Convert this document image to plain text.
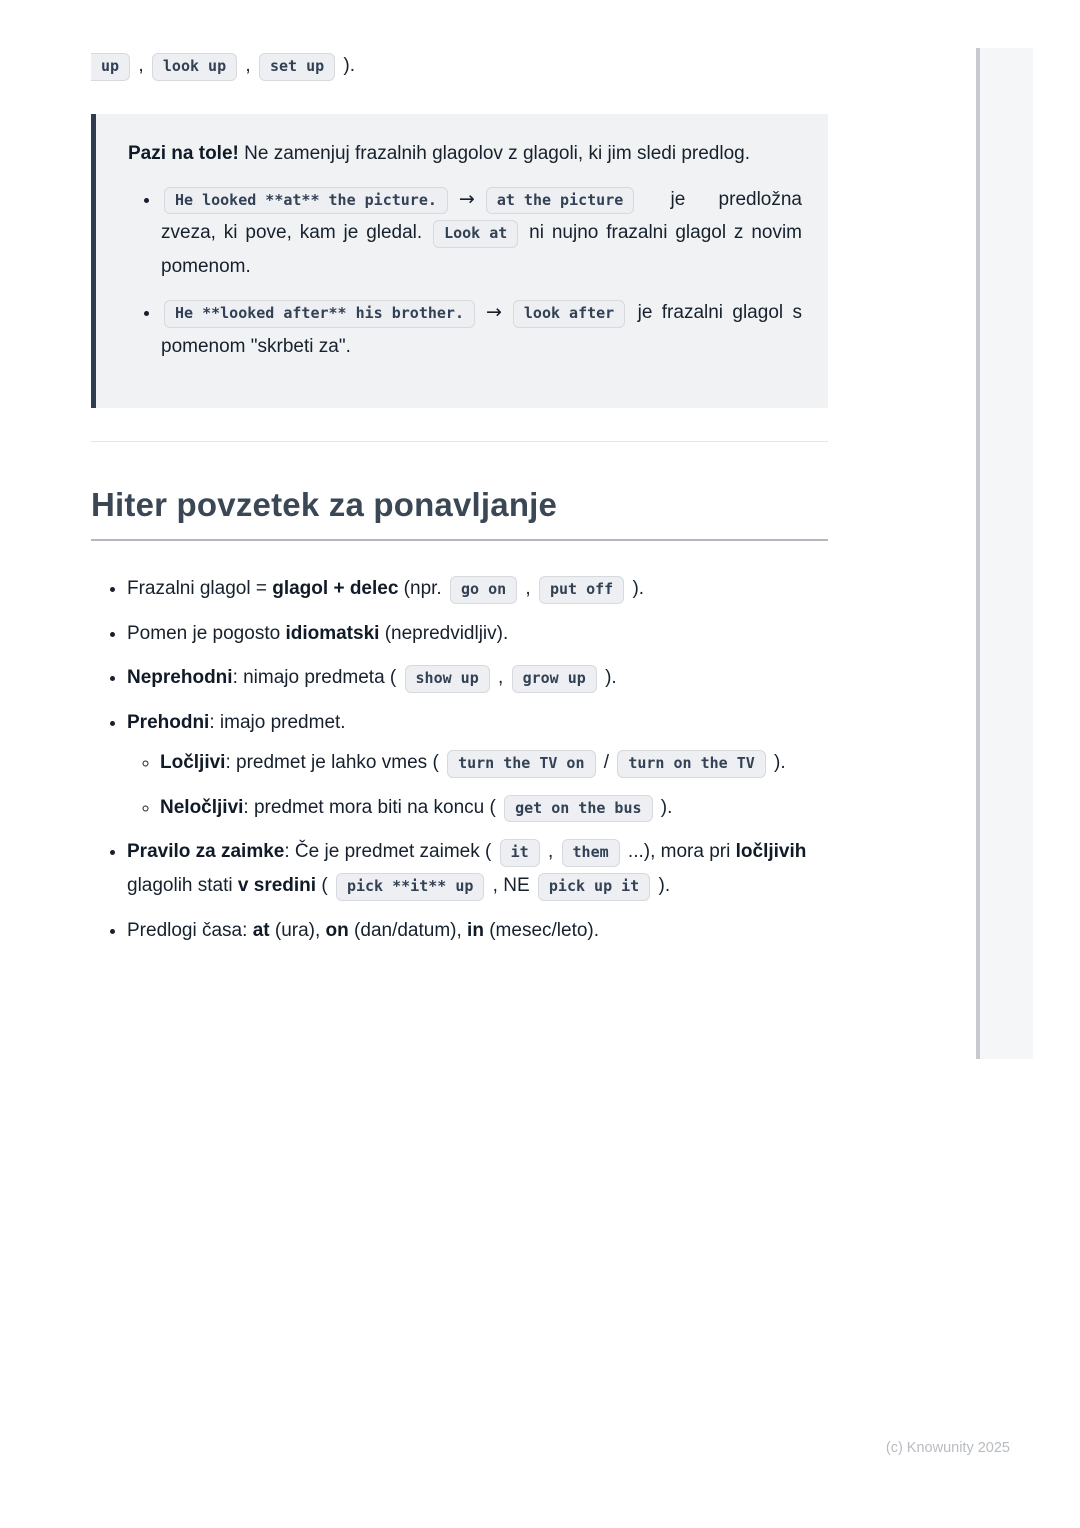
up , look up , set up ).

Pazi na tole! Ne zamenjuj frazalnih glagolov z glagoli, ki jim sledi predlog.

• He looked **at** the picture. → at the picture je predložna zveza, ki pove, kam je gledal. Look at ni nujno frazalni glagol z novim pomenom.
• He **looked after** his brother. → look after je frazalni glagol s pomenom "skrbeti za".
Hiter povzetek za ponavljanje
• Frazalni glagol = glagol + delec (npr. go on , put off ).
• Pomen je pogosto idiomatski (nepredvidljiv).
• Neprehodni: nimajo predmeta ( show up , grow up ).
• Prehodni: imajo predmet.
◦ Ločljivi: predmet je lahko vmes ( turn the TV on / turn on the TV ).
◦ Neločljivi: predmet mora biti na koncu ( get on the bus ).
• Pravilo za zaimke: Če je predmet zaimek ( it , them ...), mora pri ločljivih glagolih stati v sredini ( pick **it** up , NE pick up it ).
• Predlogi časa: at (ura), on (dan/datum), in (mesec/leto).
(c) Knowunity 2025
